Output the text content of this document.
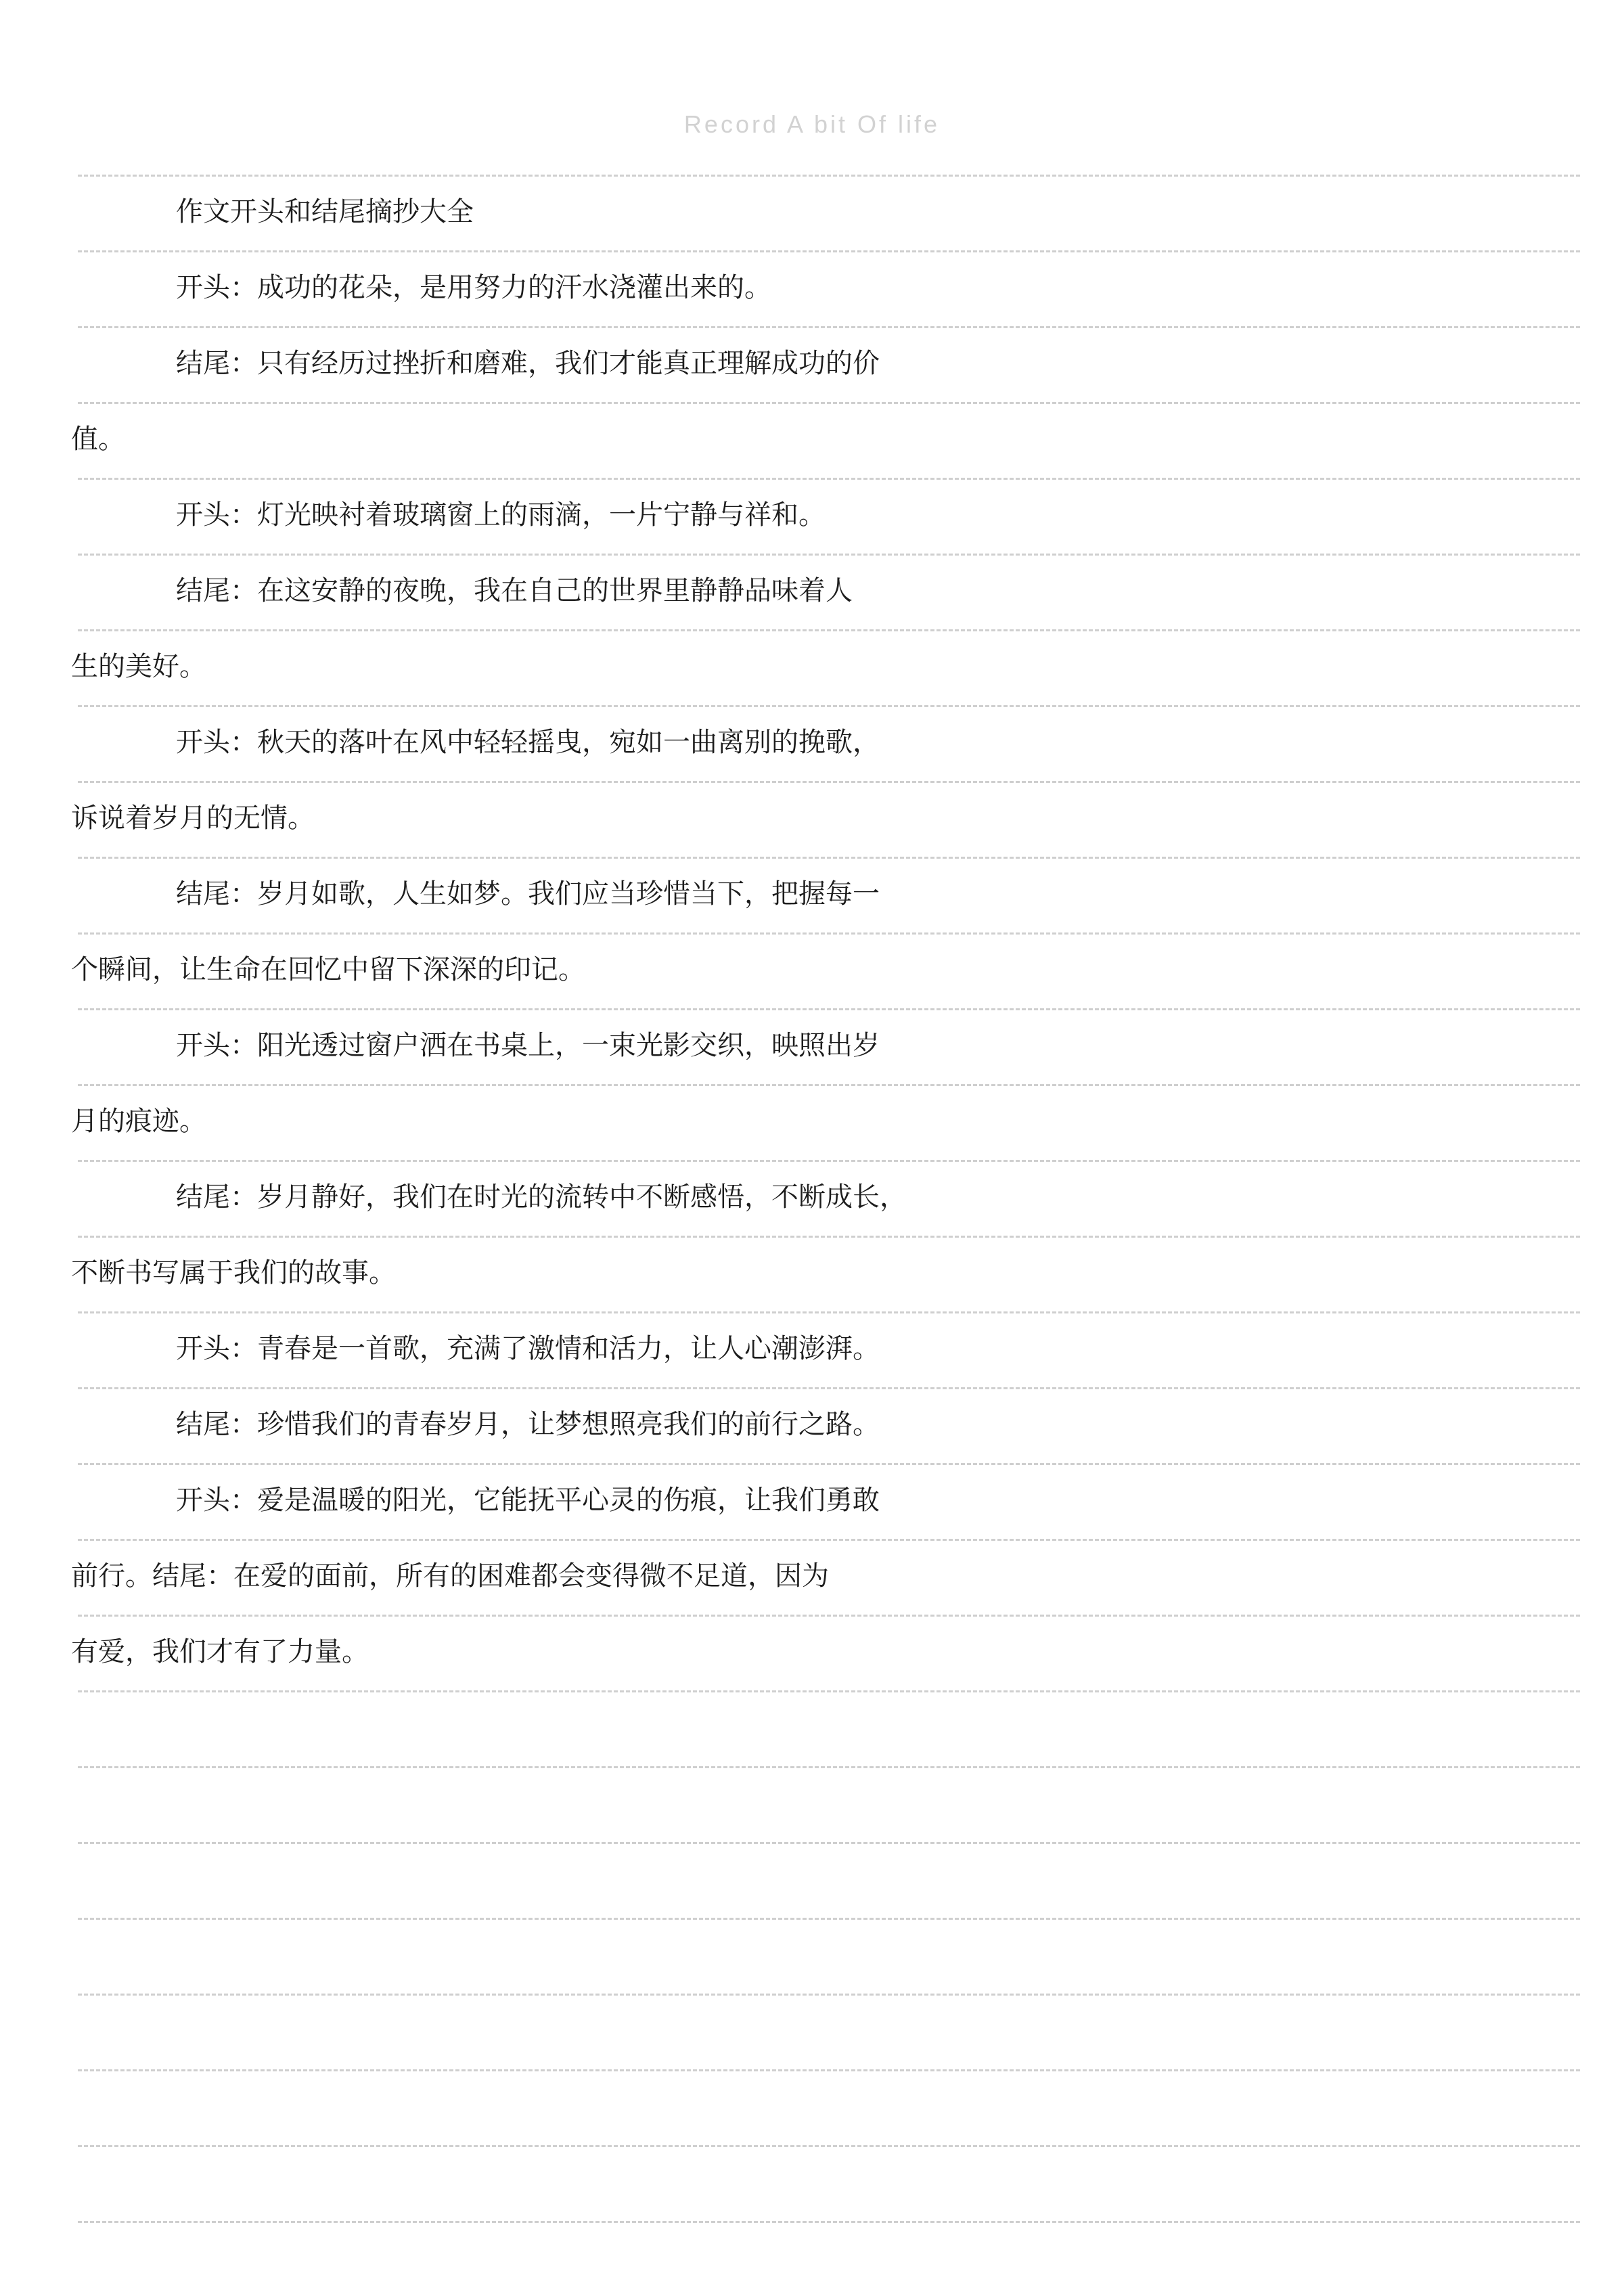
Record A bit Of life
作文开头和结尾摘抄大全
开头：成功的花朵，是用努力的汗水浇灌出来的。
结尾：只有经历过挫折和磨难，我们才能真正理解成功的价
值。
开头：灯光映衬着玻璃窗上的雨滴，一片宁静与祥和。
结尾：在这安静的夜晚，我在自己的世界里静静品味着人
生的美好。
开头：秋天的落叶在风中轻轻摇曳，宛如一曲离别的挽歌，
诉说着岁月的无情。
结尾：岁月如歌，人生如梦。我们应当珍惜当下，把握每一
个瞬间，让生命在回忆中留下深深的印记。
开头：阳光透过窗户洒在书桌上，一束光影交织，映照出岁
月的痕迹。
结尾：岁月静好，我们在时光的流转中不断感悟，不断成长，
不断书写属于我们的故事。
开头：青春是一首歌，充满了激情和活力，让人心潮澎湃。
结尾：珍惜我们的青春岁月，让梦想照亮我们的前行之路。
开头：爱是温暖的阳光，它能抚平心灵的伤痕，让我们勇敢
前行。结尾：在爱的面前，所有的困难都会变得微不足道，因为
有爱，我们才有了力量。
